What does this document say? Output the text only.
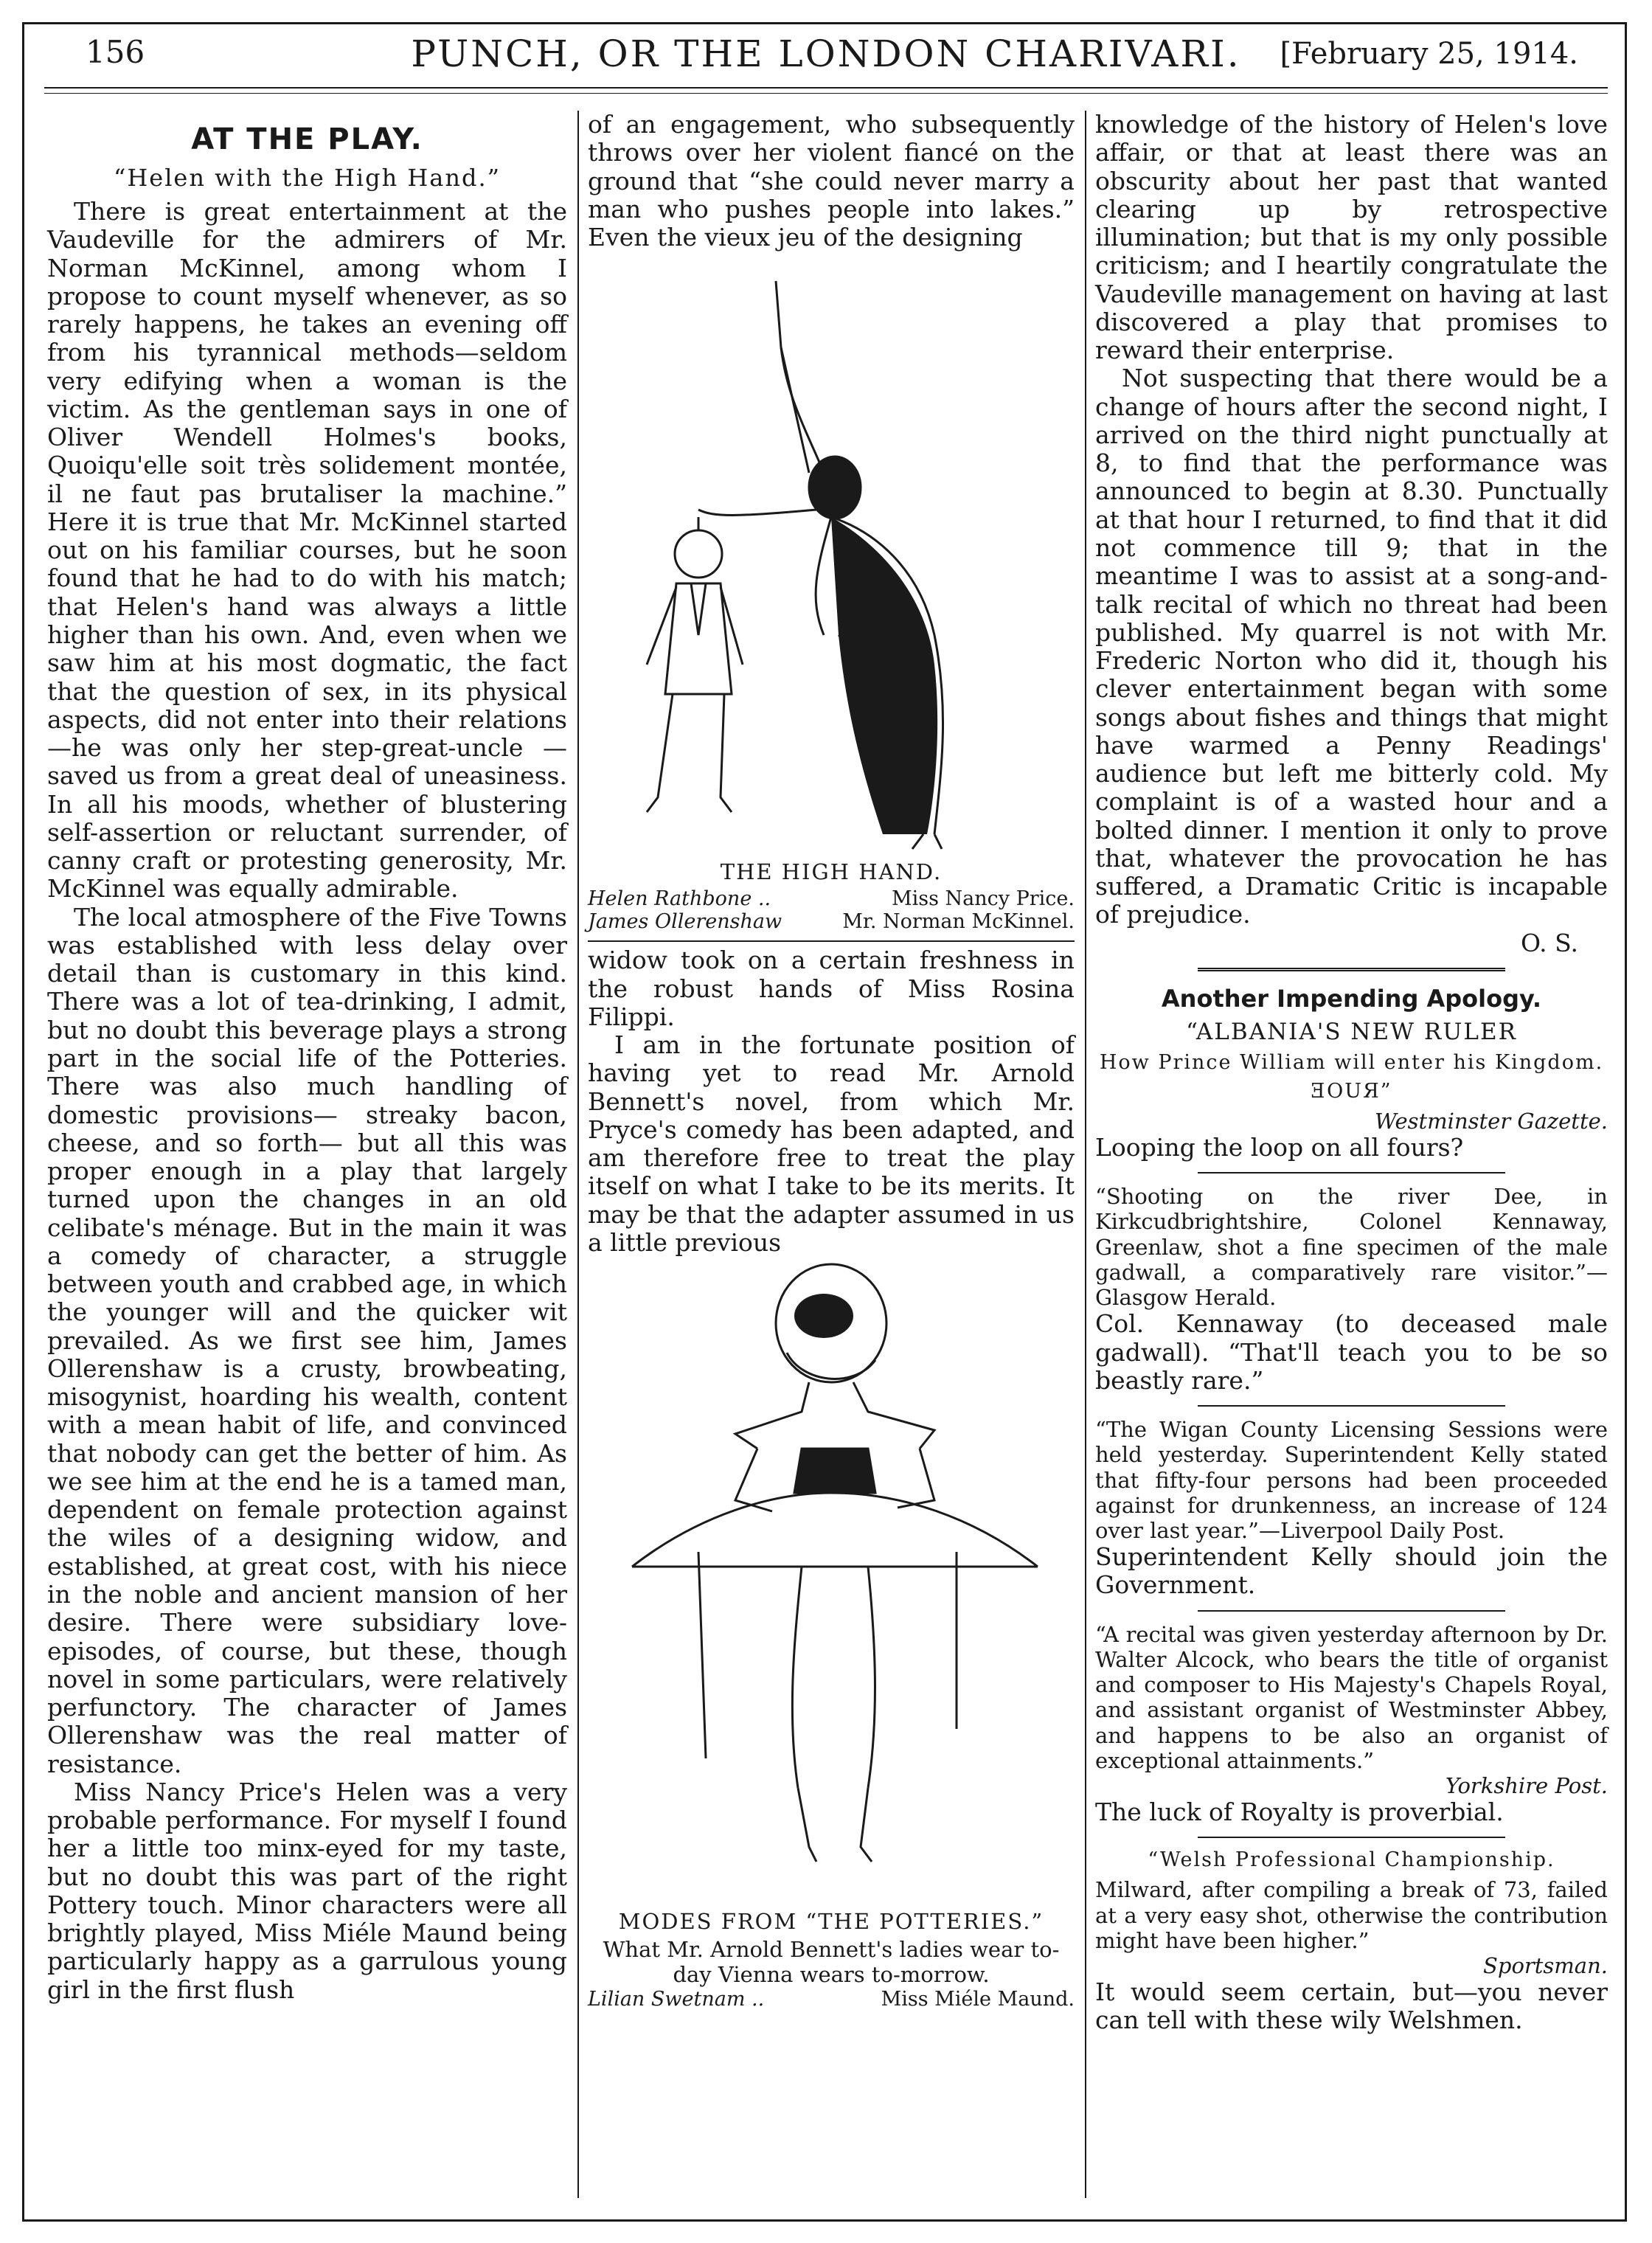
156	PUNCH, OR THE LONDON CHARIVARI.	[February 25, 1914.
AT THE PLAY.
“Helen with the High Hand.”

There is great entertainment at the Vaudeville for the admirers of Mr. Norman McKinnel, among whom I propose to count myself whenever, as so rarely happens, he takes an evening off from his tyrannical methods—seldom very edifying when a woman is the victim. As the gentleman says in one of Oliver Wendell Holmes's books, Quoiqu'elle soit très solidement montée, il ne faut pas brutaliser la machine.” Here it is true that Mr. McKinnel started out on his familiar courses, but he soon found that he had to do with his match; that Helen's hand was always a little higher than his own. And, even when we saw him at his most dogmatic, the fact that the question of sex, in its physical aspects, did not enter into their relations—he was only her step-great-uncle — saved us from a great deal of uneasiness. In all his moods, whether of blustering self-assertion or reluctant surrender, of canny craft or protesting generosity, Mr. McKinnel was equally admirable.

The local atmosphere of the Five Towns was established with less delay over detail than is customary in this kind. There was a lot of tea-drinking, I admit, but no doubt this beverage plays a strong part in the social life of the Potteries. There was also much handling of domestic provisions— streaky bacon, cheese, and so forth— but all this was proper enough in a play that largely turned upon the changes in an old celibate's ménage. But in the main it was a comedy of character, a struggle between youth and crabbed age, in which the younger will and the quicker wit prevailed. As we first see him, James Ollerenshaw is a crusty, browbeating, misogynist, hoarding his wealth, content with a mean habit of life, and convinced that nobody can get the better of him. As we see him at the end he is a tamed man, dependent on female protection against the wiles of a designing widow, and established, at great cost, with his niece in the noble and ancient mansion of her desire. There were subsidiary love-episodes, of course, but these, though novel in some particulars, were relatively perfunctory. The character of James Ollerenshaw was the real matter of resistance.

Miss Nancy Price's Helen was a very probable performance. For myself I found her a little too minx-eyed for my taste, but no doubt this was part of the right Pottery touch. Minor characters were all brightly played, Miss Miéle Maund being particularly happy as a garrulous young girl in the first flush

of an engagement, who subsequently throws over her violent fiancé on the ground that “she could never marry a man who pushes people into lakes.” Even the vieux jeu of the designing

THE HIGH HAND.
Helen Rathbone ..	Miss Nancy Price.
James Ollerenshaw	Mr. Norman McKinnel.

widow took on a certain freshness in the robust hands of Miss Rosina Filippi.

I am in the fortunate position of having yet to read Mr. Arnold Bennett's novel, from which Mr. Pryce's comedy has been adapted, and am therefore free to treat the play itself on what I take to be its merits. It may be that the adapter assumed in us a little previous

MODES FROM “THE POTTERIES.”

What Mr. Arnold Bennett's ladies wear to-day Vienna wears to-morrow.

Lilian Swetnam ..	Miss Miéle Maund.

knowledge of the history of Helen's love affair, or that at least there was an obscurity about her past that wanted clearing up by retrospective illumination; but that is my only possible criticism; and I heartily congratulate the Vaudeville management on having at last discovered a play that promises to reward their enterprise.

Not suspecting that there would be a change of hours after the second night, I arrived on the third night punctually at 8, to find that the performance was announced to begin at 8.30. Punctually at that hour I returned, to find that it did not commence till 9; that in the meantime I was to assist at a song-and-talk recital of which no threat had been published. My quarrel is not with Mr. Frederic Norton who did it, though his clever entertainment began with some songs about fishes and things that might have warmed a Penny Readings' audience but left me bitterly cold. My complaint is of a wasted hour and a bolted dinner. I mention it only to prove that, whatever the provocation he has suffered, a Dramatic Critic is incapable of prejudice.

O. S.

Another Impending Apology.
“ALBANIA'S NEW RULER
How Prince William will enter his Kingdom.
ƎOUЯ”

Westminster Gazette.

Looping the loop on all fours?

“Shooting on the river Dee, in Kirkcudbrightshire, Colonel Kennaway, Greenlaw, shot a fine specimen of the male gadwall, a comparatively rare visitor.”—Glasgow Herald.

Col. Kennaway (to deceased male gadwall). “That'll teach you to be so beastly rare.”

“The Wigan County Licensing Sessions were held yesterday. Superintendent Kelly stated that fifty-four persons had been proceeded against for drunkenness, an increase of 124 over last year.”—Liverpool Daily Post.

Superintendent Kelly should join the Government.

“A recital was given yesterday afternoon by Dr. Walter Alcock, who bears the title of organist and composer to His Majesty's Chapels Royal, and assistant organist of Westminster Abbey, and happens to be also an organist of exceptional attainments.”

Yorkshire Post.

The luck of Royalty is proverbial.

“Welsh Professional Championship.

Milward, after compiling a break of 73, failed at a very easy shot, otherwise the contribution might have been higher.”

Sportsman.

It would seem certain, but—you never can tell with these wily Welshmen.
